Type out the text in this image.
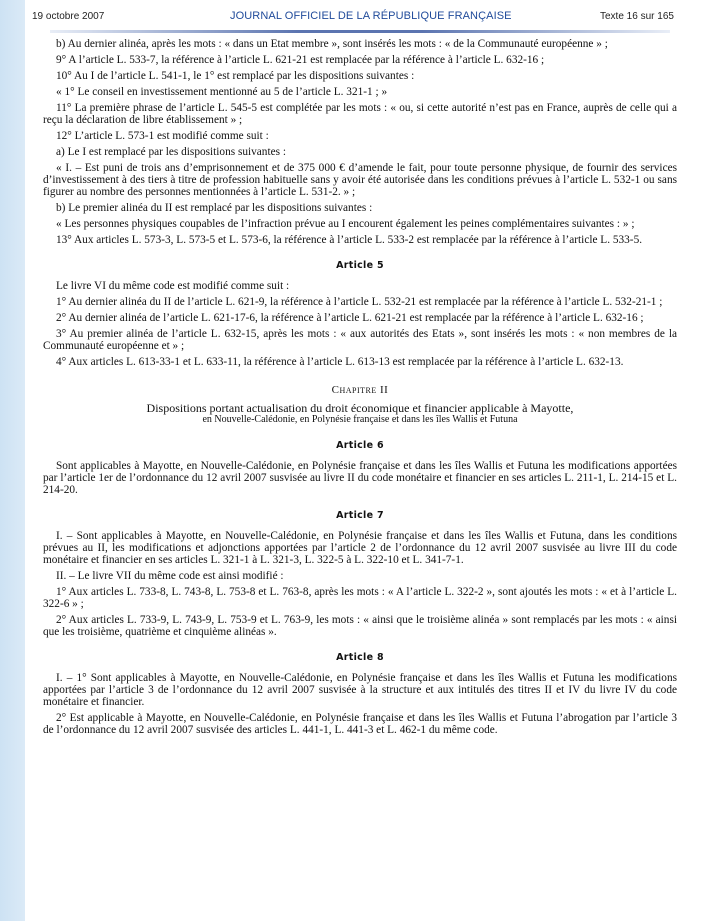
19 octobre 2007	JOURNAL OFFICIEL DE LA RÉPUBLIQUE FRANÇAISE	Texte 16 sur 165

b) Au dernier alinéa, après les mots : « dans un Etat membre », sont insérés les mots : « de la Communauté européenne » ;

9° A l’article L. 533-7, la référence à l’article L. 621-21 est remplacée par la référence à l’article L. 632-16 ;

10° Au I de l’article L. 541-1, le 1° est remplacé par les dispositions suivantes :

« 1° Le conseil en investissement mentionné au 5 de l’article L. 321-1 ; »

11° La première phrase de l’article L. 545-5 est complétée par les mots : « ou, si cette autorité n’est pas en France, auprès de celle qui a reçu la déclaration de libre établissement » ;

12° L’article L. 573-1 est modifié comme suit :

a) Le I est remplacé par les dispositions suivantes :

« I. – Est puni de trois ans d’emprisonnement et de 375 000 € d’amende le fait, pour toute personne physique, de fournir des services d’investissement à des tiers à titre de profession habituelle sans y avoir été autorisée dans les conditions prévues à l’article L. 532-1 ou sans figurer au nombre des personnes mentionnées à l’article L. 531-2. » ;

b) Le premier alinéa du II est remplacé par les dispositions suivantes :

« Les personnes physiques coupables de l’infraction prévue au I encourent également les peines complémentaires suivantes : » ;

13° Aux articles L. 573-3, L. 573-5 et L. 573-6, la référence à l’article L. 533-2 est remplacée par la référence à l’article L. 533-5.

Article 5

Le livre VI du même code est modifié comme suit :

1° Au dernier alinéa du II de l’article L. 621-9, la référence à l’article L. 532-21 est remplacée par la référence à l’article L. 532-21-1 ;

2° Au dernier alinéa de l’article L. 621-17-6, la référence à l’article L. 621-21 est remplacée par la référence à l’article L. 632-16 ;

3° Au premier alinéa de l’article L. 632-15, après les mots : « aux autorités des Etats », sont insérés les mots : « non membres de la Communauté européenne et » ;

4° Aux articles L. 613-33-1 et L. 633-11, la référence à l’article L. 613-13 est remplacée par la référence à l’article L. 632-13.

Chapitre II

Dispositions portant actualisation du droit économique et financier applicable à Mayotte,

en Nouvelle-Calédonie, en Polynésie française et dans les îles Wallis et Futuna

Article 6

Sont applicables à Mayotte, en Nouvelle-Calédonie, en Polynésie française et dans les îles Wallis et Futuna les modifications apportées par l’article 1er de l’ordonnance du 12 avril 2007 susvisée au livre II du code monétaire et financier en ses articles L. 211-1, L. 214-15 et L. 214-20.

Article 7

I. – Sont applicables à Mayotte, en Nouvelle-Calédonie, en Polynésie française et dans les îles Wallis et Futuna, dans les conditions prévues au II, les modifications et adjonctions apportées par l’article 2 de l’ordonnance du 12 avril 2007 susvisée au livre III du code monétaire et financier en ses articles L. 321-1 à L. 321-3, L. 322-5 à L. 322-10 et L. 341-7-1.

II. – Le livre VII du même code est ainsi modifié :

1° Aux articles L. 733-8, L. 743-8, L. 753-8 et L. 763-8, après les mots : « A l’article L. 322-2 », sont ajoutés les mots : « et à l’article L. 322-6 » ;

2° Aux articles L. 733-9, L. 743-9, L. 753-9 et L. 763-9, les mots : « ainsi que le troisième alinéa » sont remplacés par les mots : « ainsi que les troisième, quatrième et cinquième alinéas ».

Article 8

I. – 1° Sont applicables à Mayotte, en Nouvelle-Calédonie, en Polynésie française et dans les îles Wallis et Futuna les modifications apportées par l’article 3 de l’ordonnance du 12 avril 2007 susvisée à la structure et aux intitulés des titres II et IV du livre IV du code monétaire et financier.

2° Est applicable à Mayotte, en Nouvelle-Calédonie, en Polynésie française et dans les îles Wallis et Futuna l’abrogation par l’article 3 de l’ordonnance du 12 avril 2007 susvisée des articles L. 441-1, L. 441-3 et L. 462-1 du même code.
